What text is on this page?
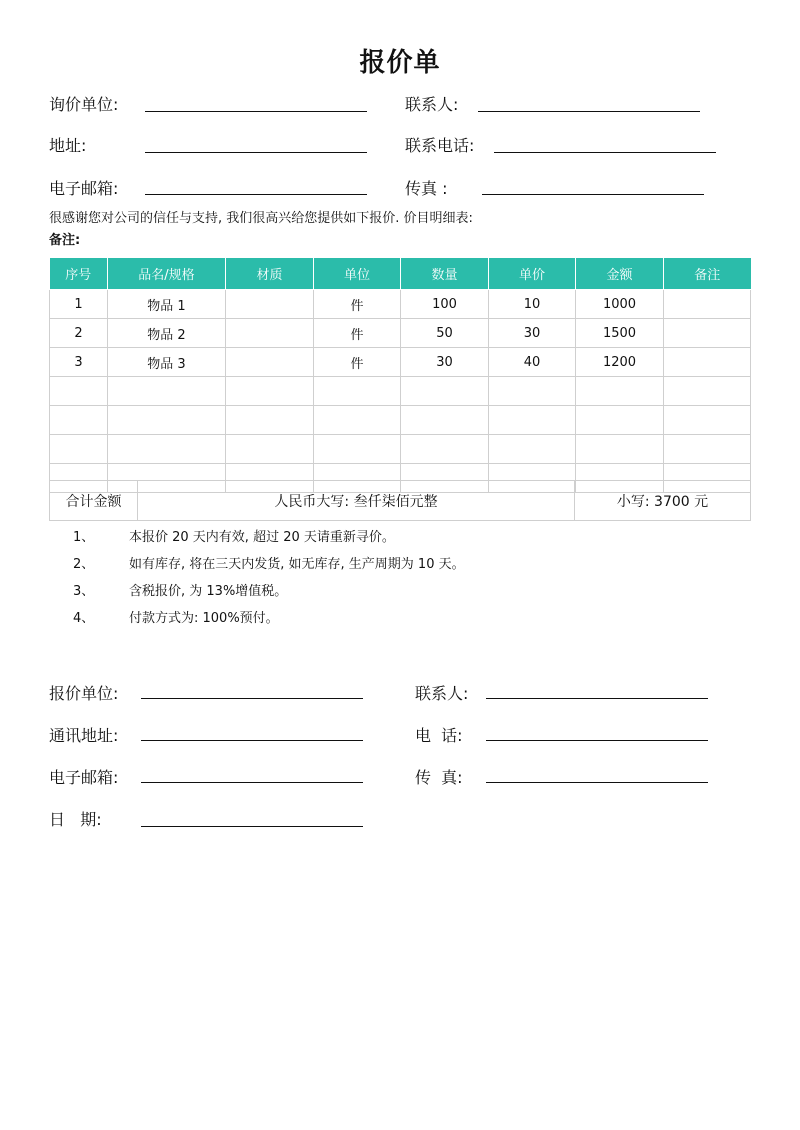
报价单
询价单位:	联系人:
地址:	联系电话:
电子邮箱:	传真 :
很感谢您对公司的信任与支持, 我们很高兴给您提供如下报价. 价目明细表:
备注:
序号	品名/规格	材质	单位	数量	单价	金额	备注
1	物品 1		件	100	10	1000	
2	物品 2		件	50	30	1500	
3	物品 3		件	30	40	1200	

合计金额	人民币大写: 叁仟柒佰元整	小写: 3700 元
1、	本报价 20 天内有效, 超过 20 天请重新寻价。
2、	如有库存, 将在三天内发货, 如无库存, 生产周期为 10 天。
3、	含税报价, 为 13%增值税。
4、	付款方式为: 100%预付。
报价单位:	联系人:
通讯地址:	电  话:
电子邮箱:	传  真:
日   期:
